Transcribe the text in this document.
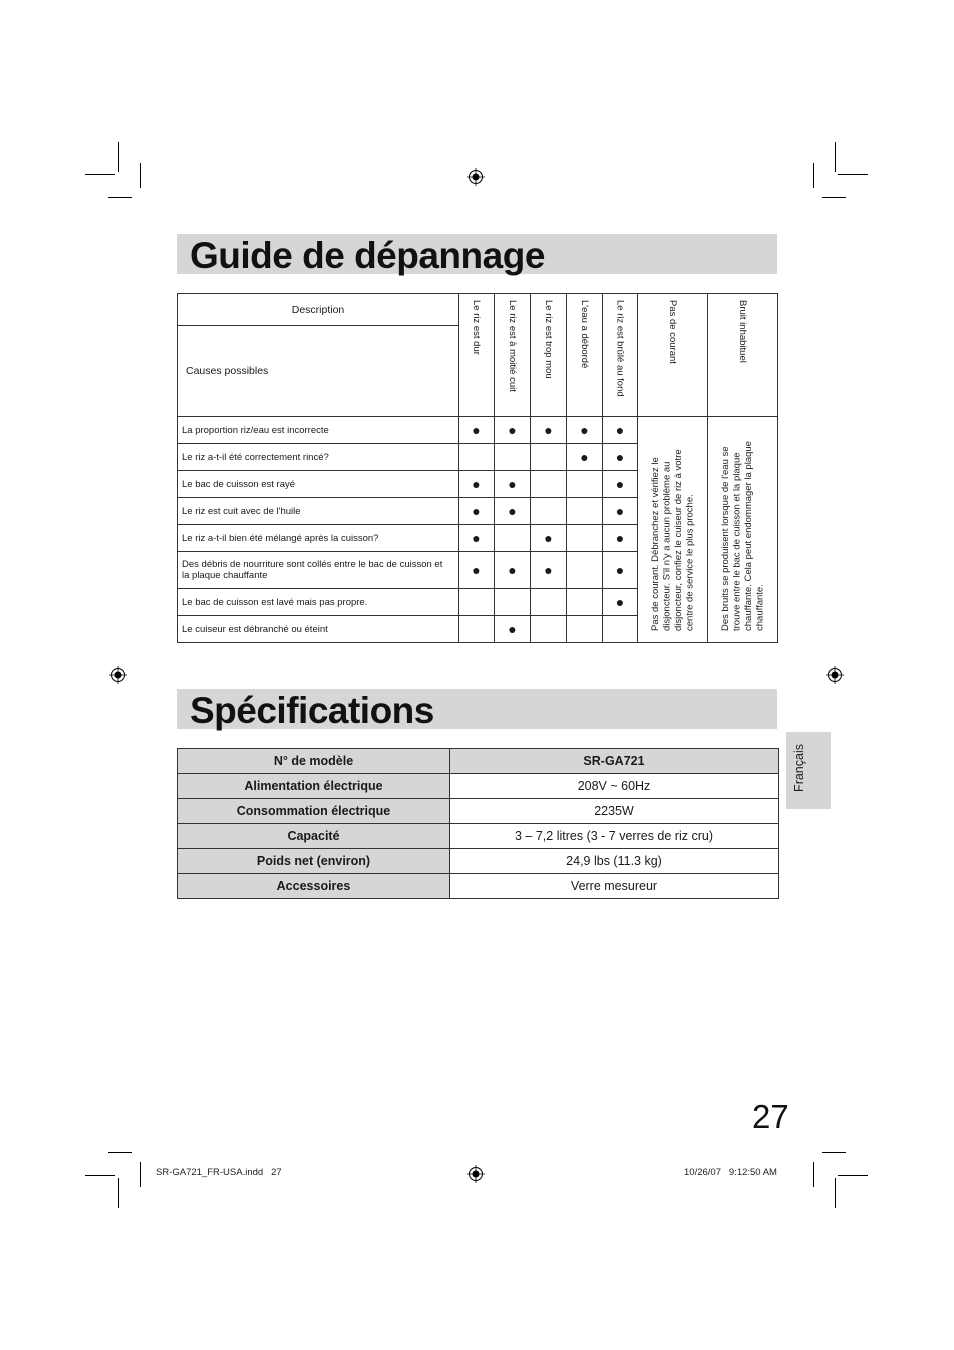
Guide de dépannage
Description	Le riz est dur	Le riz est à moitié cuit	Le riz est trop mou	L'eau a débordé	Le riz est brûlé au fond	Pas de courant	Bruit inhabituel

Causes possibles							
La proportion riz/eau est incorrecte	●	●	●	●	●	Pas de courant. Débranchez et vérifiez le disjoncteur. S'il n'y a aucun problème au disjoncteur, confiez le cuiseur de riz à votre centre de service le plus proche.	Des bruits se produisent lorsque de l'eau se trouve entre le bac de cuisson et la plaque chauffante. Cela peut endommager la plaque chauffante.

Le riz a-t-il été correctement rincé?				●	●		
Le bac de cuisson est rayé	●	●			●		
Le riz est cuit avec de l'huile	●	●			●		
Le riz a-t-il bien été mélangé après la cuisson?	●		●		●		
Des débris de nourriture sont collés entre le bac de cuisson et la plaque chauffante	●	●	●		●		
Le bac de cuisson est lavé mais pas propre.					●		
Le cuiseur est débranché ou éteint		●					
Spécifications
N° de modèle	SR-GA721
Alimentation électrique	208V ~ 60Hz
Consommation électrique	2235W
Capacité	3 – 7,2 litres (3 - 7 verres de riz cru)
Poids net (environ)	24,9 lbs (11.3 kg)
Accessoires	Verre mesureur
Français
27
SR-GA721_FR-USA.indd   27	10/26/07   9:12:50 AM
